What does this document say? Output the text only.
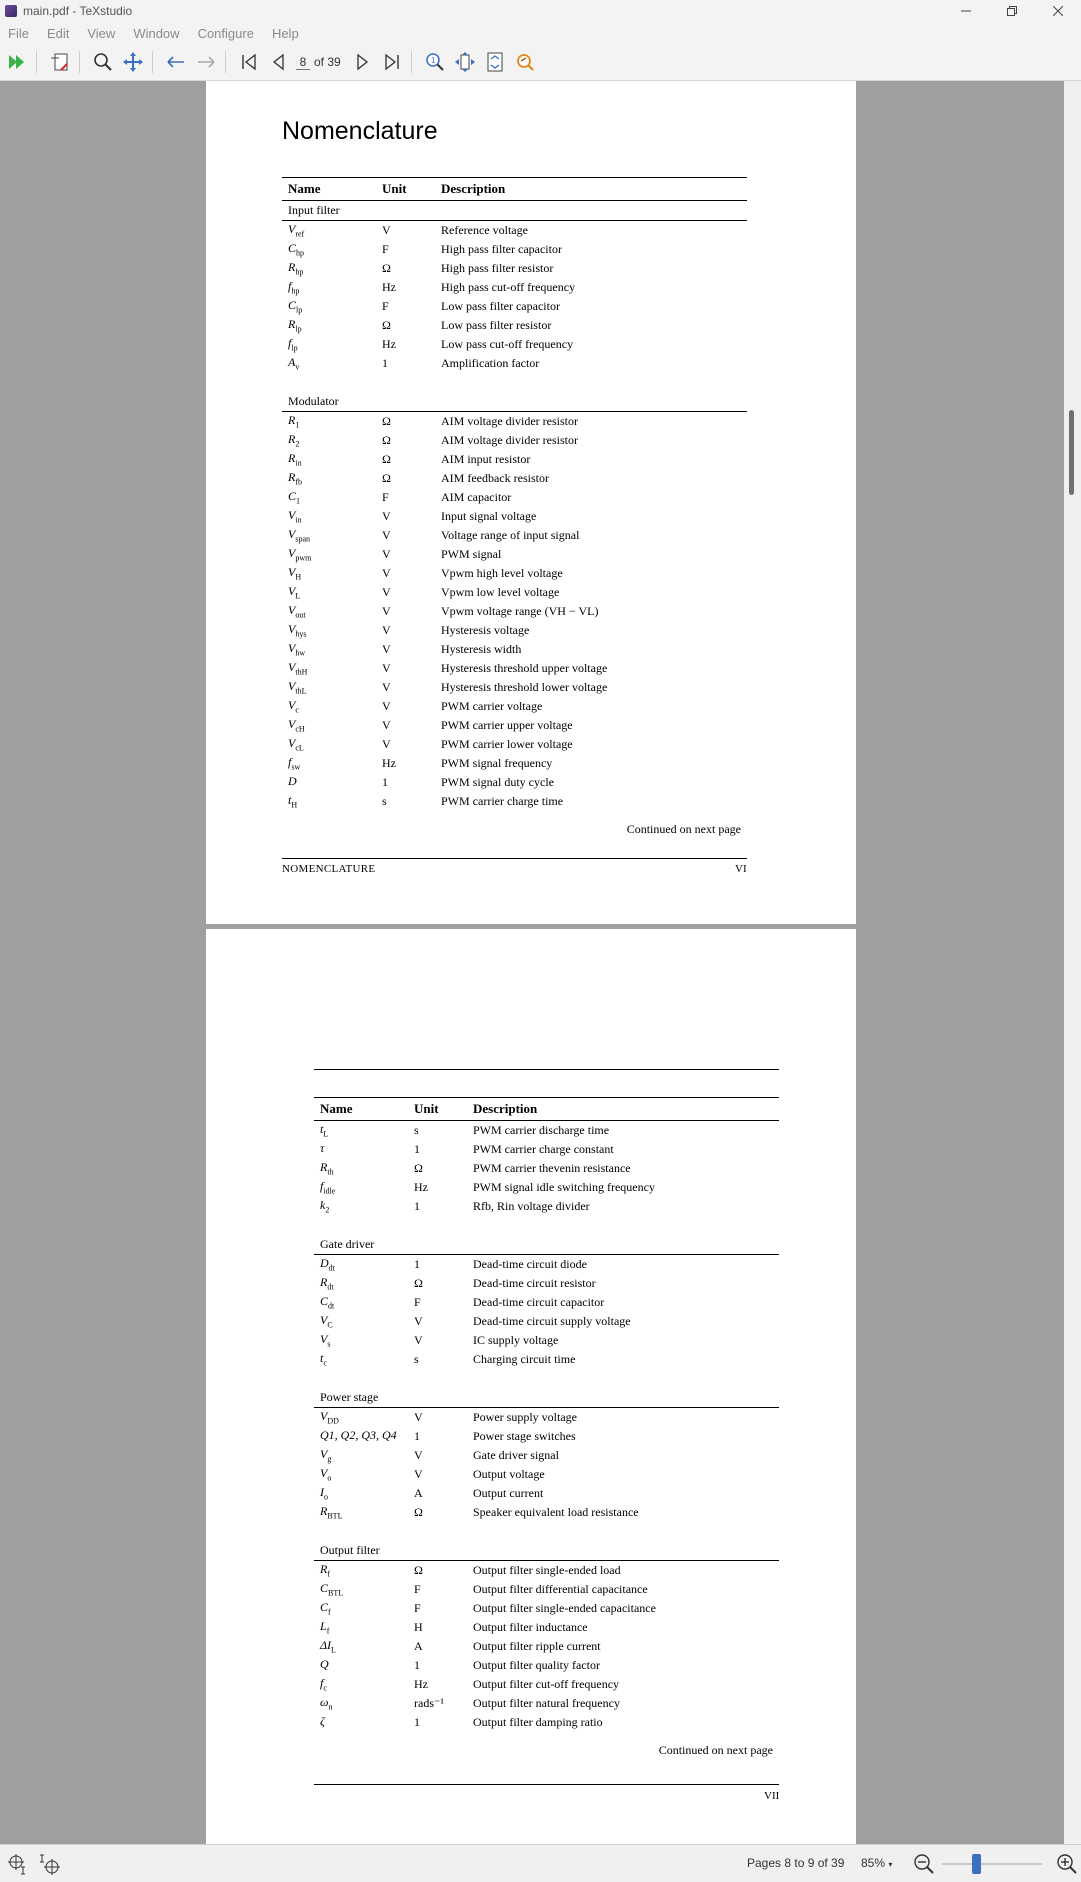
main.pdf - TeXstudio
File	Edit	View	Window	Configure	Help
8 of 39	1
Nomenclature
Name	Unit	Description
Input filter		
$V_{ref}$	V	Reference voltage
$C_{hp}$	F	High pass filter capacitor
$R_{hp}$	Ω	High pass filter resistor
$f_{hp}$	Hz	High pass cut-off frequency
$C_{lp}$	F	Low pass filter capacitor
$R_{lp}$	Ω	Low pass filter resistor
$f_{lp}$	Hz	Low pass cut-off frequency
$A_v$	1	Amplification factor

Modulator		
$R_1$	Ω	AIM voltage divider resistor
$R_2$	Ω	AIM voltage divider resistor
$R_{in}$	Ω	AIM input resistor
$R_{fb}$	Ω	AIM feedback resistor
$C_1$	F	AIM capacitor
$V_{in}$	V	Input signal voltage
$V_{span}$	V	Voltage range of input signal
$V_{pwm}$	V	PWM signal
$V_H$	V	Vpwm high level voltage
$V_L$	V	Vpwm low level voltage
$V_{out}$	V	Vpwm voltage range (VH − VL)
$V_{hys}$	V	Hysteresis voltage
$V_{hw}$	V	Hysteresis width
$V_{thH}$	V	Hysteresis threshold upper voltage
$V_{thL}$	V	Hysteresis threshold lower voltage
$V_c$	V	PWM carrier voltage
$V_{cH}$	V	PWM carrier upper voltage
$V_{cL}$	V	PWM carrier lower voltage
$f_{sw}$	Hz	PWM signal frequency
D	1	PWM signal duty cycle
$t_H$	s	PWM carrier charge time
Continued on next page		
NOMENCLATURE	VI
Name	Unit	Description
$t_L$	s	PWM carrier discharge time
τ	1	PWM carrier charge constant
$R_{th}$	Ω	PWM carrier thevenin resistance
$f_{idle}$	Hz	PWM signal idle switching frequency
$k_2$	1	Rfb, Rin voltage divider

Gate driver		
$D_{dt}$	1	Dead-time circuit diode
$R_{dt}$	Ω	Dead-time circuit resistor
$C_{dt}$	F	Dead-time circuit capacitor
$V_C$	V	Dead-time circuit supply voltage
$V_s$	V	IC supply voltage
$t_c$	s	Charging circuit time

Power stage		
$V_{DD}$	V	Power supply voltage
Q1, Q2, Q3, Q4	1	Power stage switches
$V_g$	V	Gate driver signal
$V_o$	V	Output voltage
$I_o$	A	Output current
$R_{BTL}$	Ω	Speaker equivalent load resistance

Output filter		
$R_f$	Ω	Output filter single-ended load
$C_{BTL}$	F	Output filter differential capacitance
$C_f$	F	Output filter single-ended capacitance
$L_f$	H	Output filter inductance
$\Delta I_L$	A	Output filter ripple current
Q	1	Output filter quality factor
$f_c$	Hz	Output filter cut-off frequency
$\omega_n$	rads⁻¹	Output filter natural frequency
ζ	1	Output filter damping ratio
Continued on next page		
VII
Pages 8 to 9 of 39 85% ▾
